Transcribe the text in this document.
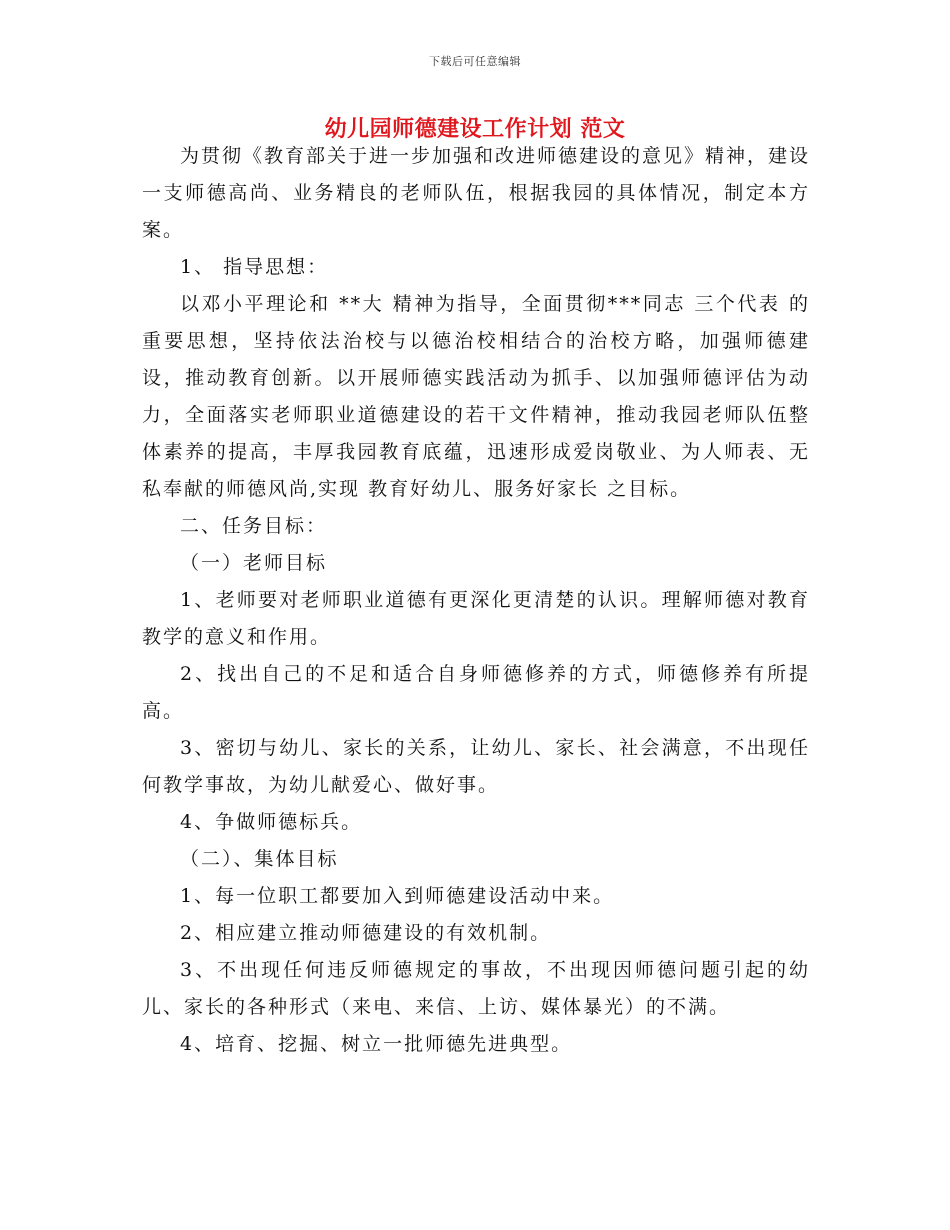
下载后可任意编辑
幼儿园师德建设工作计划 范文

为贯彻《教育部关于进一步加强和改进师德建设的意见》精神，建设一支师德高尚、业务精良的老师队伍，根据我园的具体情况，制定本方案。

1、 指导思想：

以邓小平理论和 **大 精神为指导，全面贯彻***同志 三个代表 的重要思想，坚持依法治校与以德治校相结合的治校方略，加强师德建设，推动教育创新。以开展师德实践活动为抓手、以加强师德评估为动力，全面落实老师职业道德建设的若干文件精神，推动我园老师队伍整体素养的提高，丰厚我园教育底蕴，迅速形成爱岗敬业、为人师表、无私奉献的师德风尚,实现 教育好幼儿、服务好家长 之目标。

二、任务目标：

（一）老师目标

1、老师要对老师职业道德有更深化更清楚的认识。理解师德对教育教学的意义和作用。

2、找出自己的不足和适合自身师德修养的方式，师德修养有所提高。

3、密切与幼儿、家长的关系，让幼儿、家长、社会满意，不出现任何教学事故，为幼儿献爱心、做好事。

4、争做师德标兵。

（二）、集体目标

1、每一位职工都要加入到师德建设活动中来。

2、相应建立推动师德建设的有效机制。

3、不出现任何违反师德规定的事故，不出现因师德问题引起的幼儿、家长的各种形式（来电、来信、上访、媒体暴光）的不满。

4、培育、挖掘、树立一批师德先进典型。
